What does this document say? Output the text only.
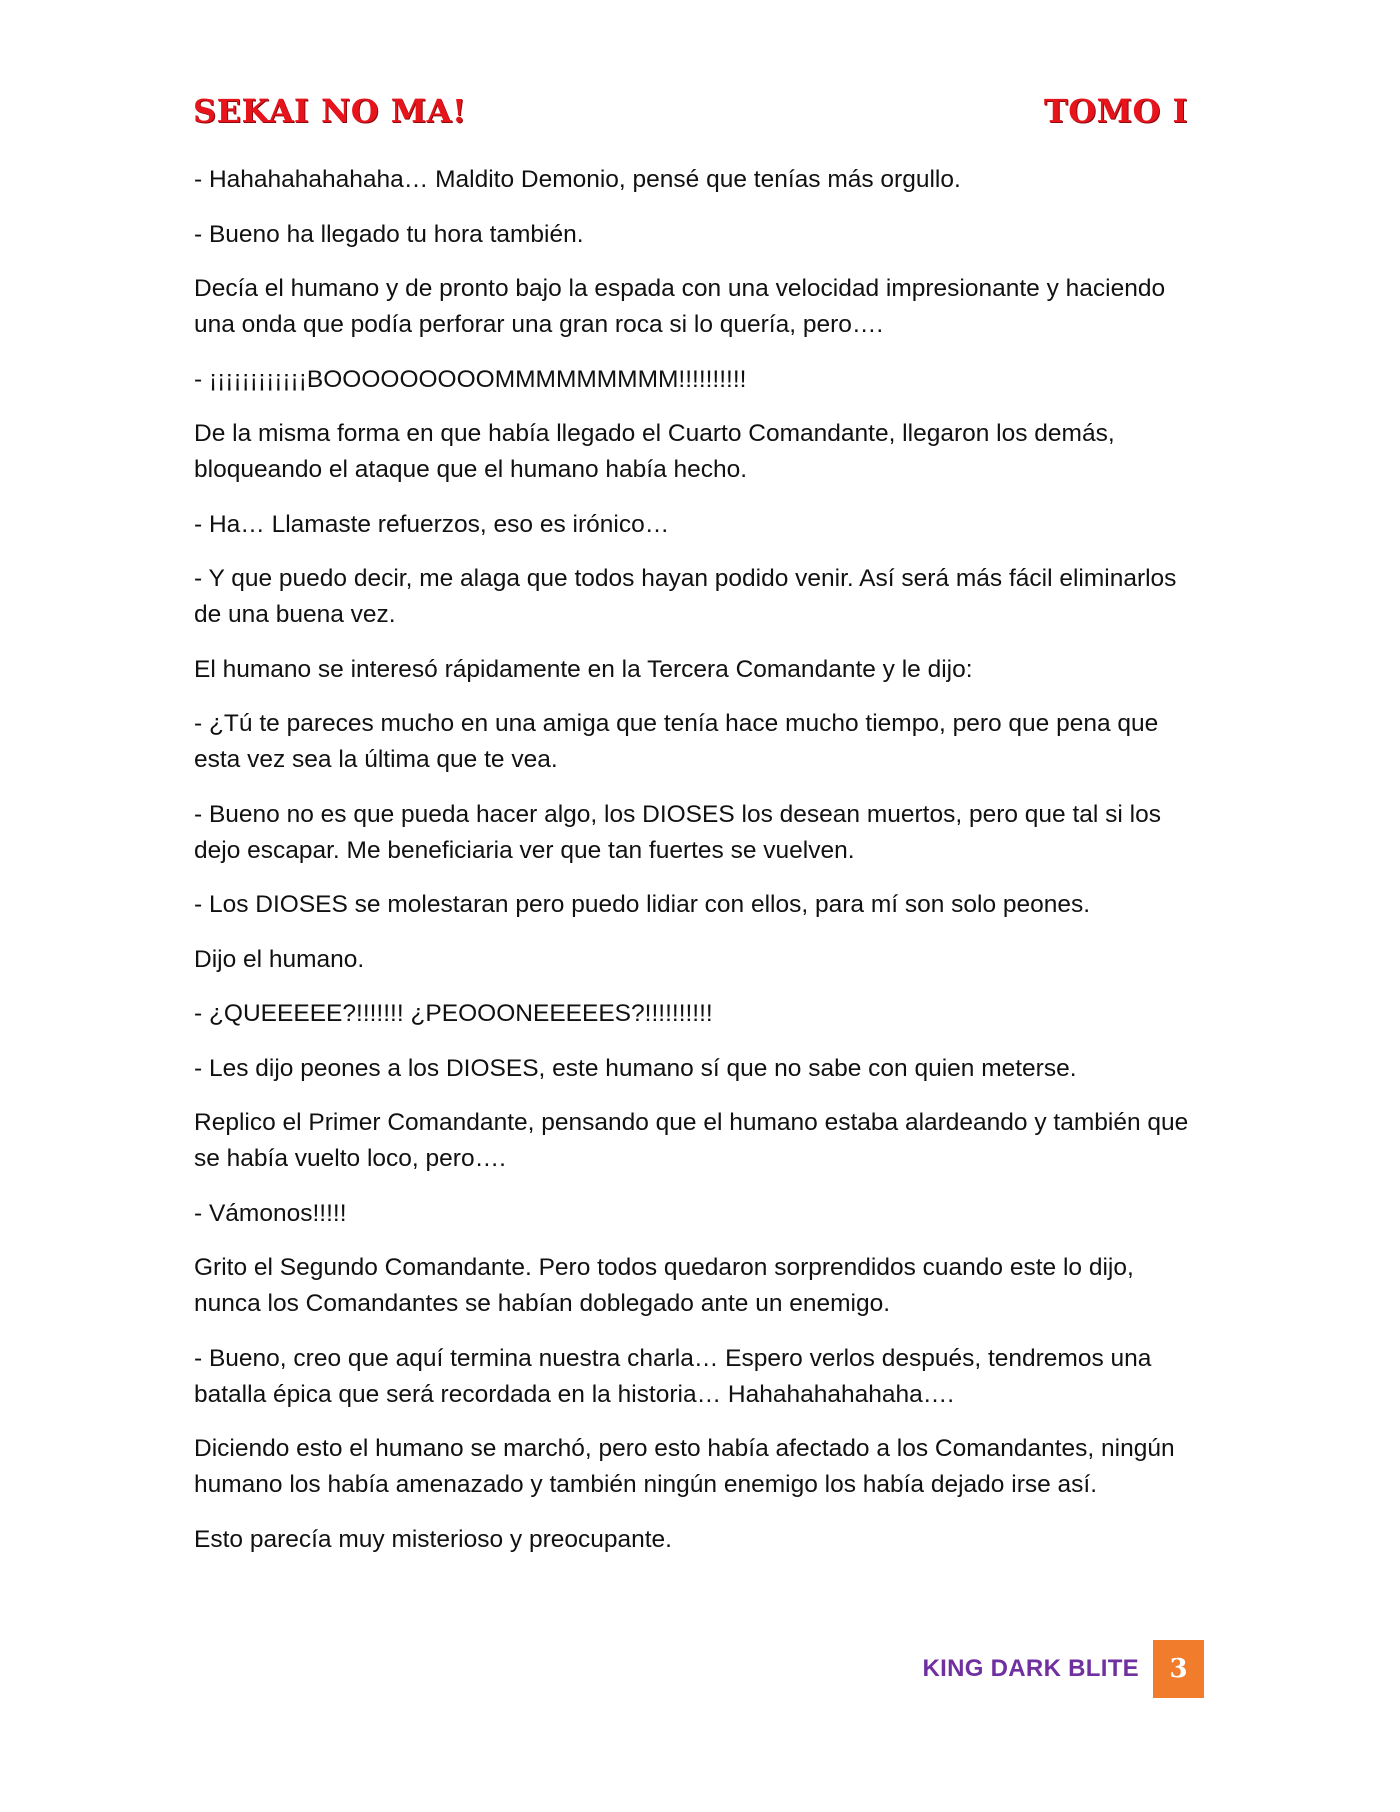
SEKAI NO MA!	TOMO I

- Hahahahahahaha… Maldito Demonio, pensé que tenías más orgullo.

- Bueno ha llegado tu hora también.

Decía el humano y de pronto bajo la espada con una velocidad impresionante y haciendo una onda que podía perforar una gran roca si lo quería, pero….

- ¡¡¡¡¡¡¡¡¡¡¡¡BOOOOOOOOOMMMMMMMMM!!!!!!!!!!

De la misma forma en que había llegado el Cuarto Comandante, llegaron los demás, bloqueando el ataque que el humano había hecho.

- Ha… Llamaste refuerzos, eso es irónico…

- Y que puedo decir, me alaga que todos hayan podido venir. Así será más fácil eliminarlos de una buena vez.

El humano se interesó rápidamente en la Tercera Comandante y le dijo:

- ¿Tú te pareces mucho en una amiga que tenía hace mucho tiempo, pero que pena que esta vez sea la última que te vea.

- Bueno no es que pueda hacer algo, los DIOSES los desean muertos, pero que tal si los dejo escapar. Me beneficiaria ver que tan fuertes se vuelven.

- Los DIOSES se molestaran pero puedo lidiar con ellos, para mí son solo peones.

Dijo el humano.

- ¿QUEEEEE?!!!!!!! ¿PEOOONEEEEES?!!!!!!!!!!

- Les dijo peones a los DIOSES, este humano sí que no sabe con quien meterse.

Replico el Primer Comandante, pensando que el humano estaba alardeando y también que se había vuelto loco, pero….

- Vámonos!!!!!

Grito el Segundo Comandante. Pero todos quedaron sorprendidos cuando este lo dijo, nunca los Comandantes se habían doblegado ante un enemigo.

- Bueno, creo que aquí termina nuestra charla… Espero verlos después, tendremos una batalla épica que será recordada en la historia… Hahahahahahaha….

Diciendo esto el humano se marchó, pero esto había afectado a los Comandantes, ningún humano los había amenazado y también ningún enemigo los había dejado irse así.

Esto parecía muy misterioso y preocupante.

KING DARK BLITE	3
